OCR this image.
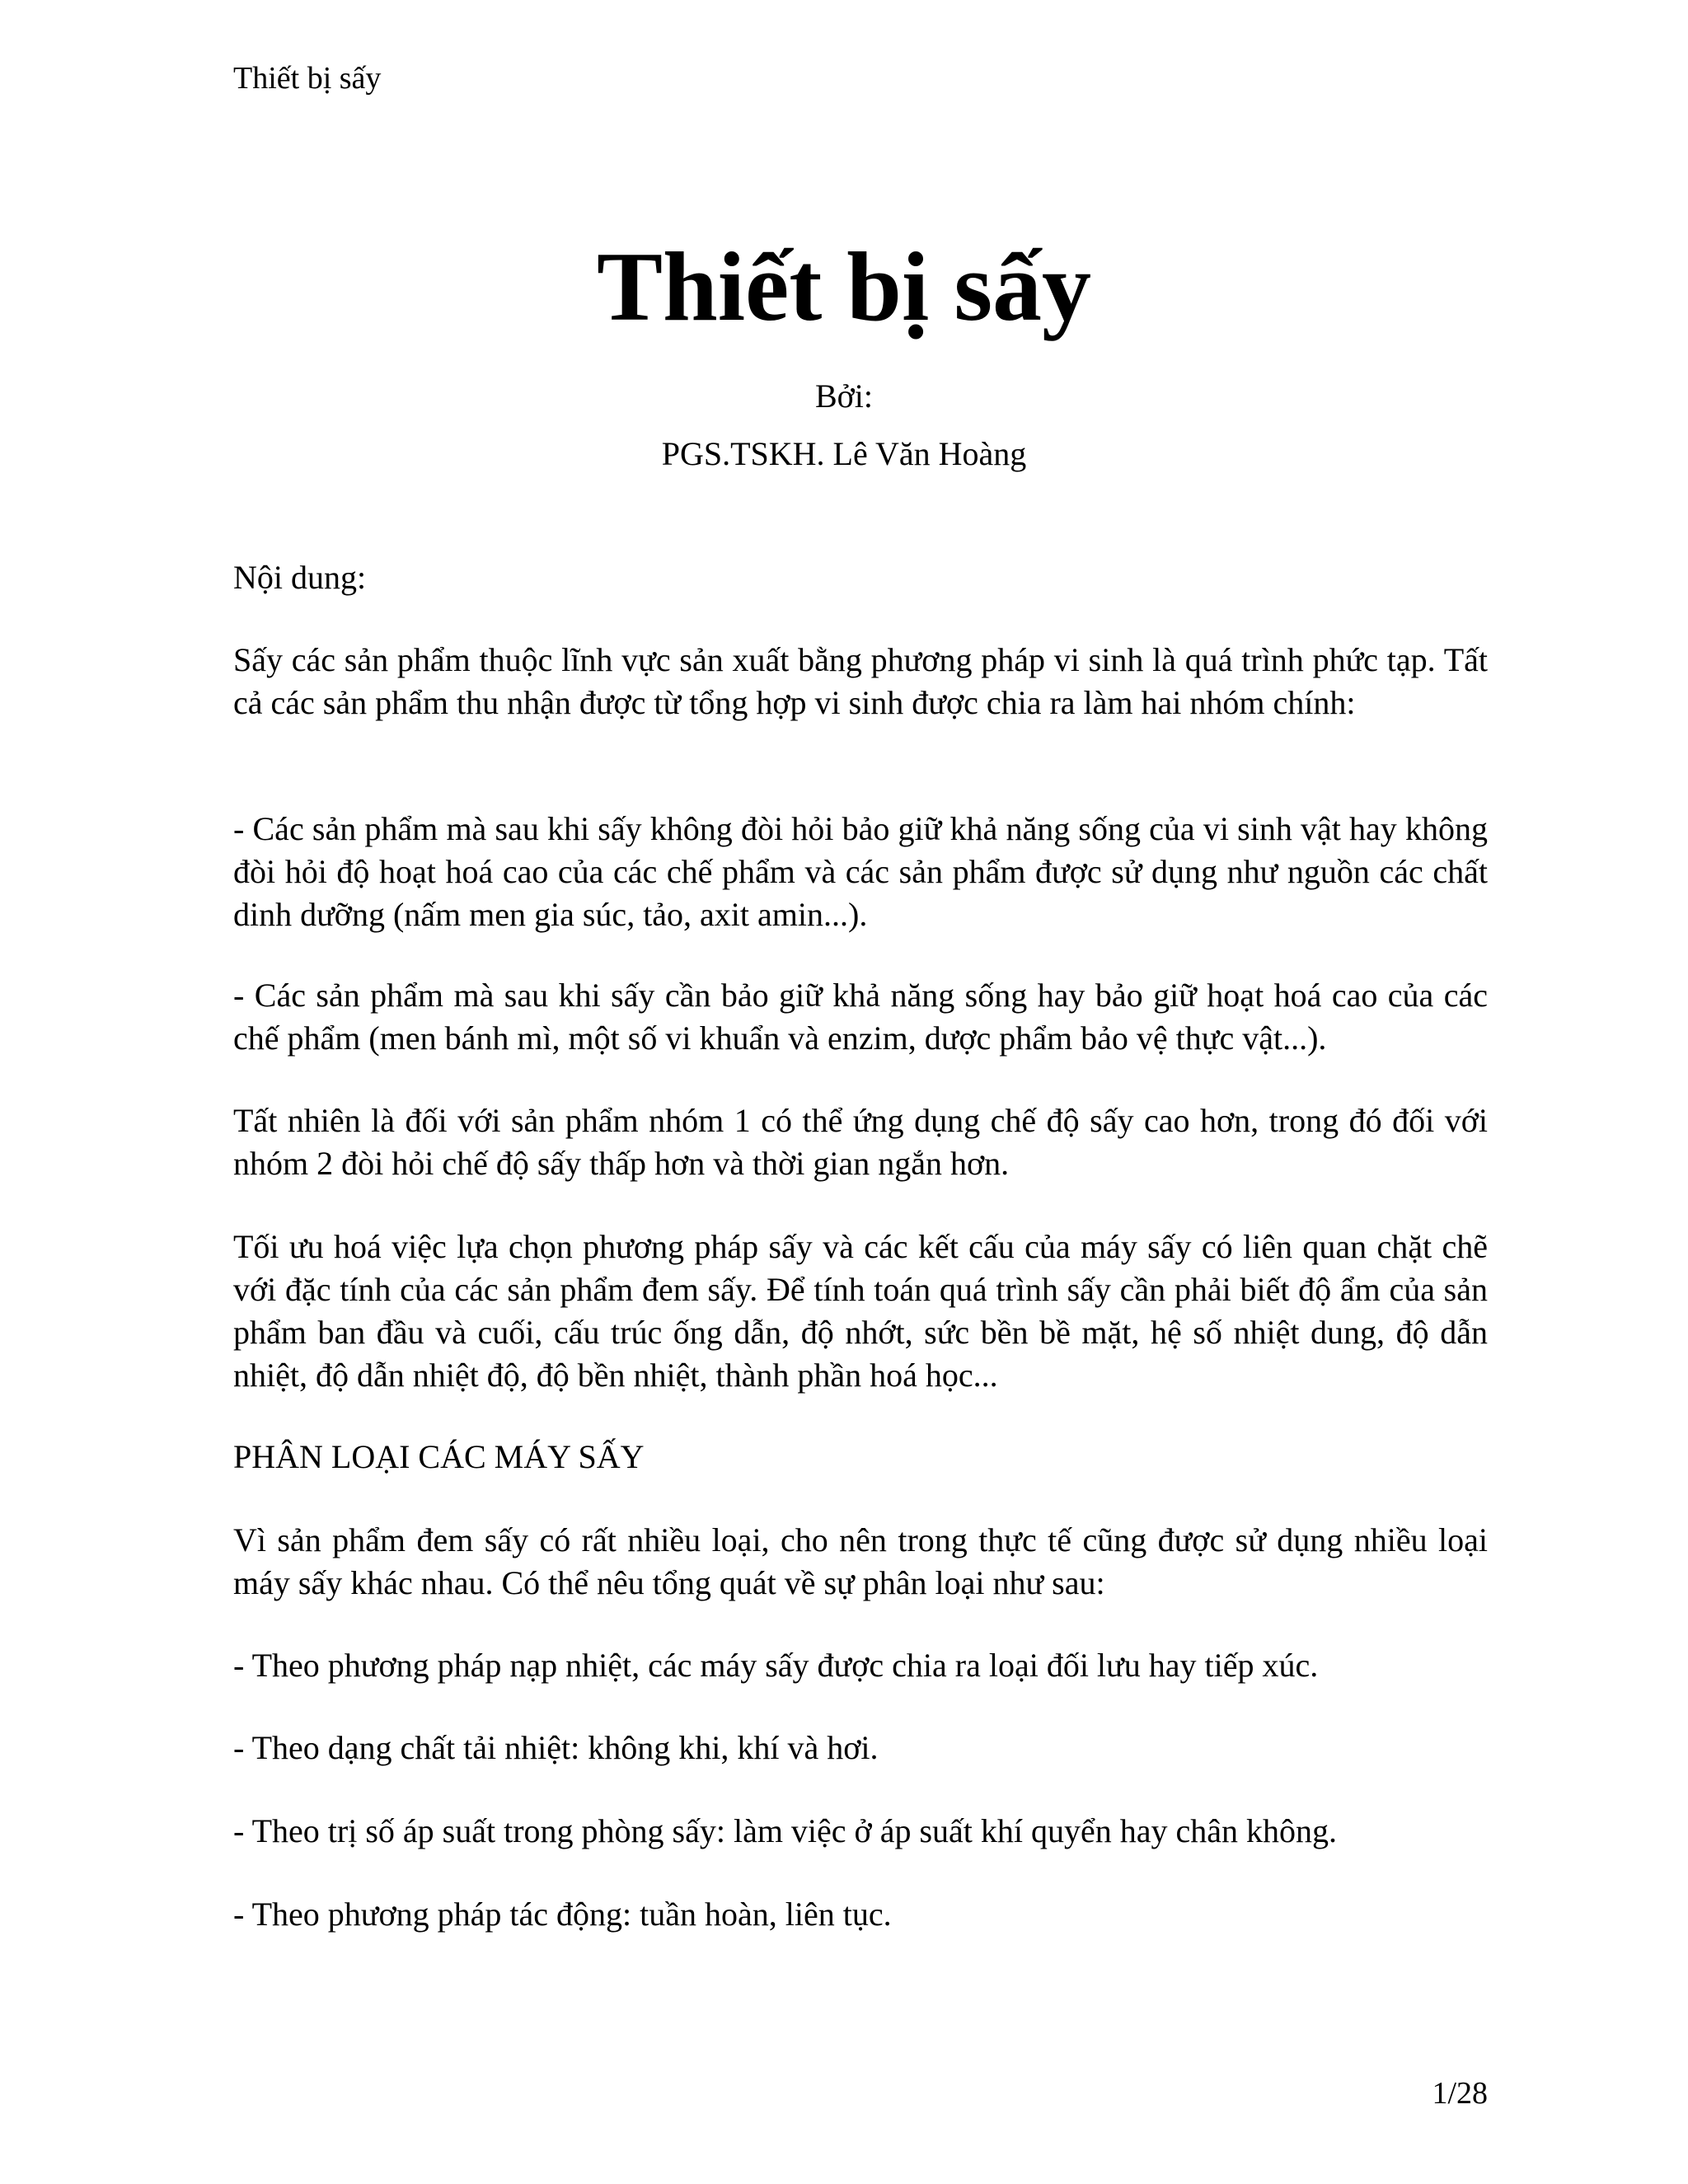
Thiết bị sấy
Thiết bị sấy
Bởi:
PGS.TSKH. Lê Văn Hoàng

Nội dung:

Sấy các sản phẩm thuộc lĩnh vực sản xuất bằng phương pháp vi sinh là quá trình phức tạp. Tất cả các sản phẩm thu nhận được từ tổng hợp vi sinh được chia ra làm hai nhóm chính:

- Các sản phẩm mà sau khi sấy không đòi hỏi bảo giữ khả năng sống của vi sinh vật hay không đòi hỏi độ hoạt hoá cao của các chế phẩm và các sản phẩm được sử dụng như nguồn các chất dinh dưỡng (nấm men gia súc, tảo, axit amin...).

- Các sản phẩm mà sau khi sấy cần bảo giữ khả năng sống hay bảo giữ hoạt hoá cao của các chế phẩm (men bánh mì, một số vi khuẩn và enzim, dược phẩm bảo vệ thực vật...).

Tất nhiên là đối với sản phẩm nhóm 1 có thể ứng dụng chế độ sấy cao hơn, trong đó đối với nhóm 2 đòi hỏi chế độ sấy thấp hơn và thời gian ngắn hơn.

Tối ưu hoá việc lựa chọn phương pháp sấy và các kết cấu của máy sấy có liên quan chặt chẽ với đặc tính của các sản phẩm đem sấy. Để tính toán quá trình sấy cần phải biết độ ẩm của sản phẩm ban đầu và cuối, cấu trúc ống dẫn, độ nhớt, sức bền bề mặt, hệ số nhiệt dung, độ dẫn nhiệt, độ dẫn nhiệt độ, độ bền nhiệt, thành phần hoá học...

PHÂN LOẠI CÁC MÁY SẤY

Vì sản phẩm đem sấy có rất nhiều loại, cho nên trong thực tế cũng được sử dụng nhiều loại máy sấy khác nhau. Có thể nêu tổng quát về sự phân loại như sau:

- Theo phương pháp nạp nhiệt, các máy sấy được chia ra loại đối lưu hay tiếp xúc.

- Theo dạng chất tải nhiệt: không khi, khí và hơi.

- Theo trị số áp suất trong phòng sấy: làm việc ở áp suất khí quyển hay chân không.

- Theo phương pháp tác động: tuần hoàn, liên tục.

1/28
